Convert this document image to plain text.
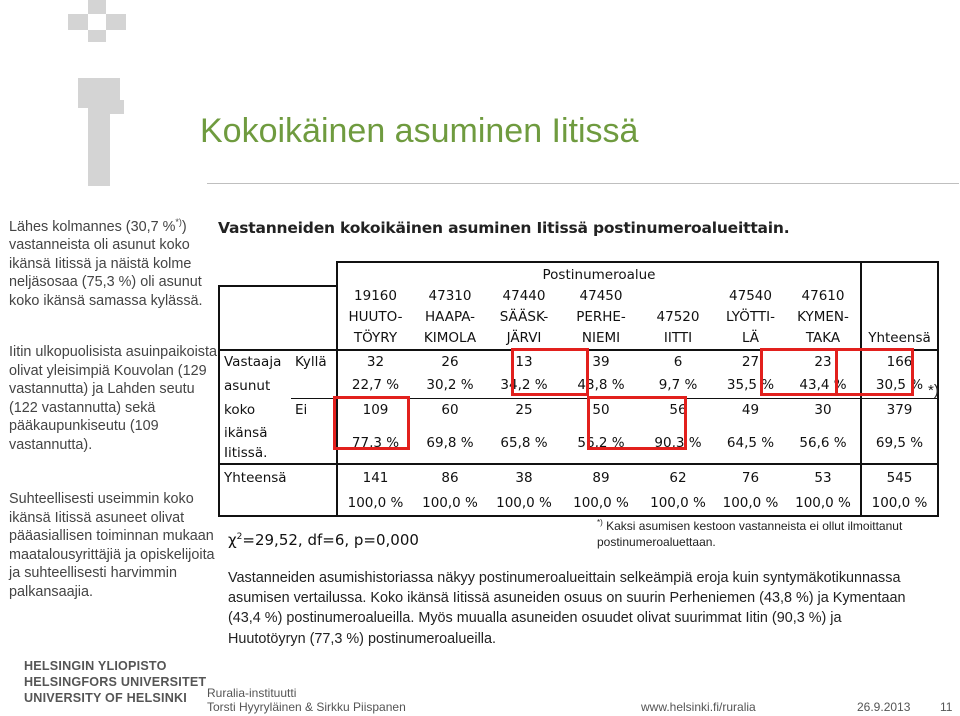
Kokoikäinen asuminen Iitissä
Lähes kolmannes (30,7 %*)) vastanneista oli asunut koko ikänsä Iitissä ja näistä kolme neljäsosaa (75,3 %) oli asunut koko ikänsä samassa kylässä.
Iitin ulkopuolisista asuinpaikoista olivat yleisimpiä Kouvolan (129 vastannutta) ja Lahden seutu (122 vastannutta) sekä pääkaupunkiseutu (109 vastannutta).
Suhteellisesti useimmin koko ikänsä Iitissä asuneet olivat pääasiallisen toiminnan mukaan maatalousyrittäjiä ja opiskelijoita ja suhteellisesti harvimmin palkansaajia.
Vastanneiden kokoikäinen asuminen Iitissä postinumeroalueittain.
		Postinumeroalue							
		19160	47310	47440	47450		47540	47610	
		HUUTO-	HAAPA-	SÄÄSK-	PERHE-	47520	LYÖTTI-	KYMEN-	
		TÖYRY	KIMOLA	JÄRVI	NIEMI	IITTI	LÄ	TAKA	Yhteensä
Vastaaja	Kyllä	32	26	13	39	6	27	23	166
asunut		22,7 %	30,2 %	34,2 %	43,8 %	9,7 %	35,5 %	43,4 %	30,5 %
koko	Ei	109	60	25	50	56	49	30	379
ikänsä		77,3 %	69,8 %	65,8 %	56,2 %	90,3 %	64,5 %	56,6 %	69,5 %
Iitissä.									
Yhteensä		141	86	38	89	62	76	53	545
		100,0 %	100,0 %	100,0 %	100,0 %	100,0 %	100,0 %	100,0 %	100,0 %
*)
$\chi^2=29,52$, df=6, p=0,000
*) Kaksi asumisen kestoon vastanneista ei ollut ilmoittanut postinumeroaluettaan.
Vastanneiden asumishistoriassa näkyy postinumeroalueittain selkeämpiä eroja kuin syntymäkotikunnassa asumisen vertailussa. Koko ikänsä Iitissä asuneiden osuus on suurin Perheniemen (43,8 %) ja Kymentaan (43,4 %) postinumeroalueilla. Myös muualla asuneiden osuudet olivat suurimmat Iitin (90,3 %) ja Huutotöyryn (77,3 %) postinumeroalueilla.
HELSINGIN YLIOPISTO
HELSINGFORS UNIVERSITET
UNIVERSITY OF HELSINKI Ruralia-instituutti
Torsti Hyyryläinen & Sirkku Piispanen	www.helsinki.fi/ruralia	26.9.2013 11
